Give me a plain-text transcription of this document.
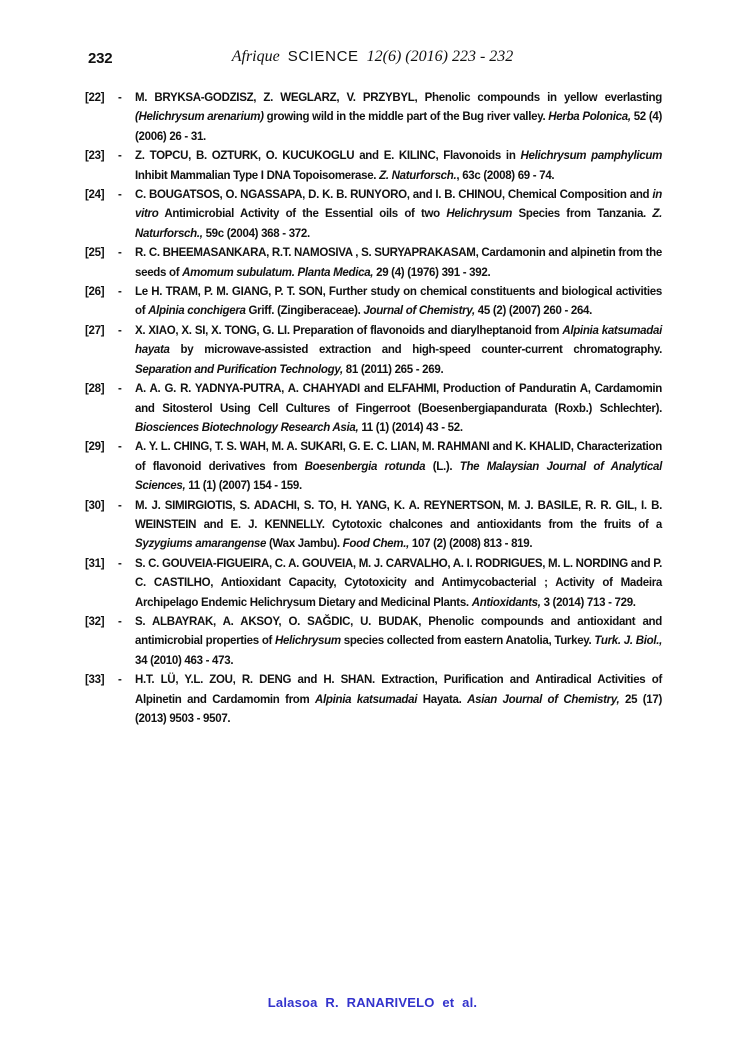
232	Afrique SCIENCE 12(6) (2016) 223 - 232
[22]	-	M. BRYKSA-GODZISZ, Z. WEGLARZ, V. PRZYBYL, Phenolic compounds in yellow everlasting (Helichrysum arenarium) growing wild in the middle part of the Bug river valley. Herba Polonica, 52 (4) (2006) 26 - 31.
[23]	-	Z. TOPCU, B. OZTURK, O. KUCUKOGLU and E. KILINC, Flavonoids in Helichrysum pamphylicum Inhibit Mammalian Type I DNA Topoisomerase. Z. Naturforsch., 63c (2008) 69 - 74.
[24]	-	C. BOUGATSOS, O. NGASSAPA, D. K. B. RUNYORO, and I. B. CHINOU, Chemical Composition and in vitro Antimicrobial Activity of the Essential oils of two Helichrysum Species from Tanzania. Z. Naturforsch., 59c (2004) 368 - 372.
[25]	-	R. C. BHEEMASANKARA, R.T. NAMOSIVA , S. SURYAPRAKASAM, Cardamonin and alpinetin from the seeds of Amomum subulatum. Planta Medica, 29 (4) (1976) 391 - 392.
[26]	-	Le H. TRAM, P. M. GIANG, P. T. SON, Further study on chemical constituents and biological activities of Alpinia conchigera Griff. (Zingiberaceae). Journal of Chemistry, 45 (2) (2007) 260 - 264.
[27]	-	X. XIAO, X. SI, X. TONG, G. LI. Preparation of flavonoids and diarylheptanoid from Alpinia katsumadai hayata by microwave-assisted extraction and high-speed counter-current chromatography. Separation and Purification Technology, 81 (2011) 265 - 269.
[28]	-	A. A. G. R. YADNYA-PUTRA, A. CHAHYADI and ELFAHMI, Production of Panduratin A, Cardamomin and Sitosterol Using Cell Cultures of Fingerroot (Boesenbergiapandurata (Roxb.) Schlechter). Biosciences Biotechnology Research Asia, 11 (1) (2014) 43 - 52.
[29]	-	A. Y. L. CHING, T. S. WAH, M. A. SUKARI, G. E. C. LIAN, M. RAHMANI and K. KHALID, Characterization of flavonoid derivatives from Boesenbergia rotunda (L.). The Malaysian Journal of Analytical Sciences, 11 (1) (2007) 154 - 159.
[30]	-	M. J. SIMIRGIOTIS, S. ADACHI, S. TO, H. YANG, K. A. REYNERTSON, M. J. BASILE, R. R. GIL, I. B. WEINSTEIN and E. J. KENNELLY. Cytotoxic chalcones and antioxidants from the fruits of a Syzygiums amarangense (Wax Jambu). Food Chem., 107 (2) (2008) 813 - 819.
[31]	-	S. C. GOUVEIA-FIGUEIRA, C. A. GOUVEIA, M. J. CARVALHO, A. I. RODRIGUES, M. L. NORDING and P. C. CASTILHO, Antioxidant Capacity, Cytotoxicity and Antimycobacterial ; Activity of Madeira Archipelago Endemic Helichrysum Dietary and Medicinal Plants. Antioxidants, 3 (2014) 713 - 729.
[32]	-	S. ALBAYRAK, A. AKSOY, O. SAĞDIC, U. BUDAK, Phenolic compounds and antioxidant and antimicrobial properties of Helichrysum species collected from eastern Anatolia, Turkey. Turk. J. Biol., 34 (2010) 463 - 473.
[33]	-	H.T. LÜ, Y.L. ZOU, R. DENG and H. SHAN. Extraction, Purification and Antiradical Activities of Alpinetin and Cardamomin from Alpinia katsumadai Hayata. Asian Journal of Chemistry, 25 (17) (2013) 9503 - 9507.
Lalasoa R. RANARIVELO et al.
